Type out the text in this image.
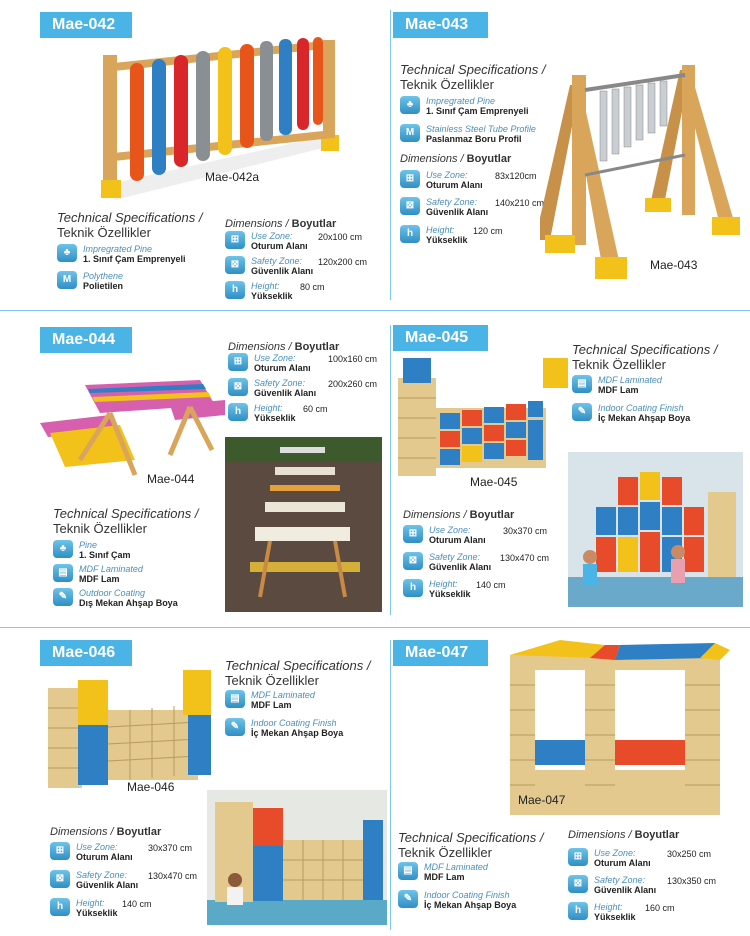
Mae-042
Mae-042a
Technical Specifications /
Teknik Özellikler
♣	Impregrated Pine
1. Sınıf Çam Emprenyeli
M	Polythene
Polietilen
Dimensions / Boyutlar
⊞	Use Zone:
Oturum Alanı
20x100 cm
⊠	Safety Zone:
Güvenlik Alanı
120x200 cm
h	Height:
Yükseklik
80 cm
Mae-043
Technical Specifications /
Teknik Özellikler
♣	Impregrated Pine
1. Sınıf Çam Emprenyeli
M	Stainless Steel Tube Profile
Paslanmaz Boru Profil
Dimensions / Boyutlar
⊞	Use Zone:
Oturum Alanı
83x120cm
⊠	Safety Zone:
Güvenlik Alanı
140x210 cm
h	Height:
Yükseklik
120 cm
Mae-043
Mae-044
Mae-044
Dimensions / Boyutlar
⊞	Use Zone:
Oturum Alanı
100x160 cm
⊠	Safety Zone:
Güvenlik Alanı
200x260 cm
h	Height:
Yükseklik
60 cm
Technical Specifications /
Teknik Özellikler
♣	Pine
1. Sınıf Çam
▤	MDF Laminated
MDF Lam
✎	Outdoor Coating
Dış Mekan Ahşap Boya
Mae-045
Technical Specifications /
Teknik Özellikler
▤	MDF Laminated
MDF Lam
✎	Indoor Coating Finish
İç Mekan Ahşap Boya
Mae-045
Dimensions / Boyutlar
⊞	Use Zone:
Oturum Alanı
30x370 cm
⊠	Safety Zone:
Güvenlik Alanı
130x470 cm
h	Height:
Yükseklik
140 cm
Mae-046
Mae-046
Technical Specifications /
Teknik Özellikler
▤	MDF Laminated
MDF Lam
✎	Indoor Coating Finish
İç Mekan Ahşap Boya
Dimensions / Boyutlar
⊞	Use Zone:
Oturum Alanı
30x370 cm
⊠	Safety Zone:
Güvenlik Alanı
130x470 cm
h	Height:
Yükseklik
140 cm
Mae-047
Mae-047
Technical Specifications /
Teknik Özellikler
▤	MDF Laminated
MDF Lam
✎	Indoor Coating Finish
İç Mekan Ahşap Boya
Dimensions / Boyutlar
⊞	Use Zone:
Oturum Alanı
30x250 cm
⊠	Safety Zone:
Güvenlik Alanı
130x350 cm
h	Height:
Yükseklik
160 cm
